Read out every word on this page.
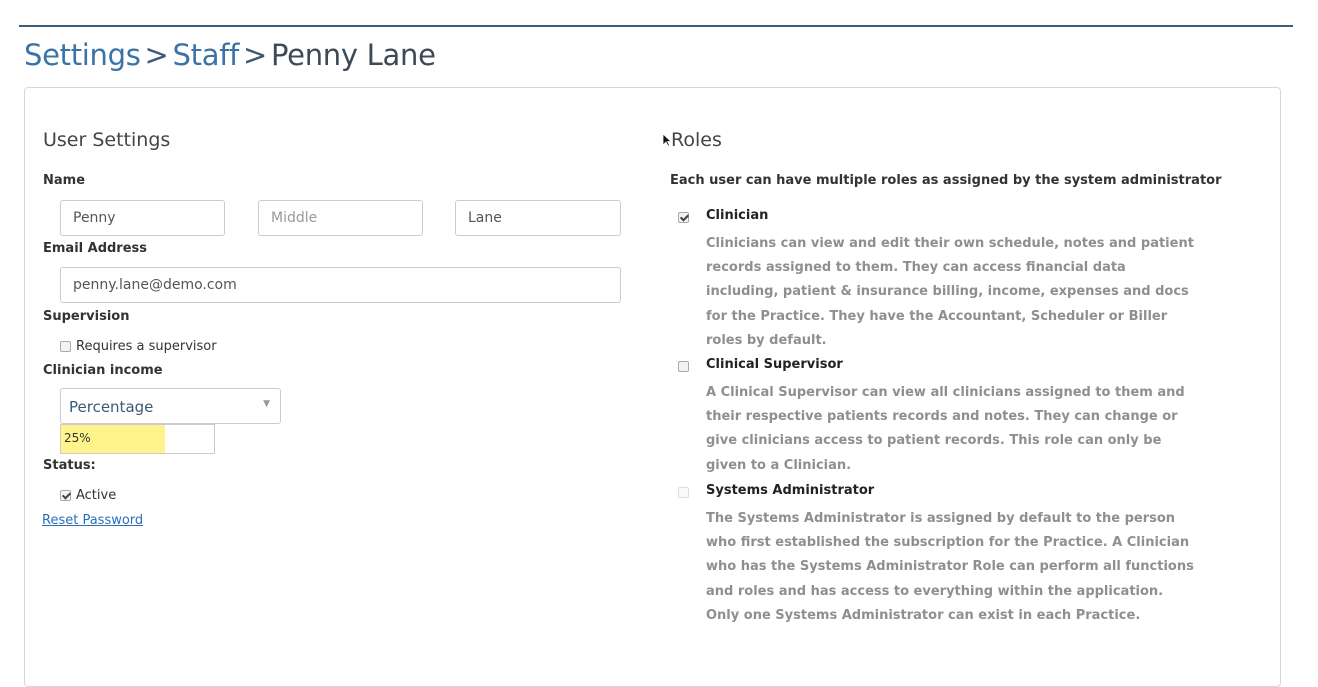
Settings > Staff > Penny Lane
User Settings
Name
Penny
Middle
Lane
Email Address
penny.lane@demo.com
Supervision
Requires a supervisor
Clinician income
Percentage	▼
25%
Status:
Active
Reset Password
Roles
Each user can have multiple roles as assigned by the system administrator
Clinician
Clinicians can view and edit their own schedule, notes and patient records assigned to them. They can access financial data including, patient & insurance billing, income, expenses and docs for the Practice. They have the Accountant, Scheduler or Biller roles by default.
Clinical Supervisor
A Clinical Supervisor can view all clinicians assigned to them and their respective patients records and notes. They can change or give clinicians access to patient records. This role can only be given to a Clinician.
Systems Administrator
The Systems Administrator is assigned by default to the person who first established the subscription for the Practice. A Clinician who has the Systems Administrator Role can perform all functions and roles and has access to everything within the application. Only one Systems Administrator can exist in each Practice.
